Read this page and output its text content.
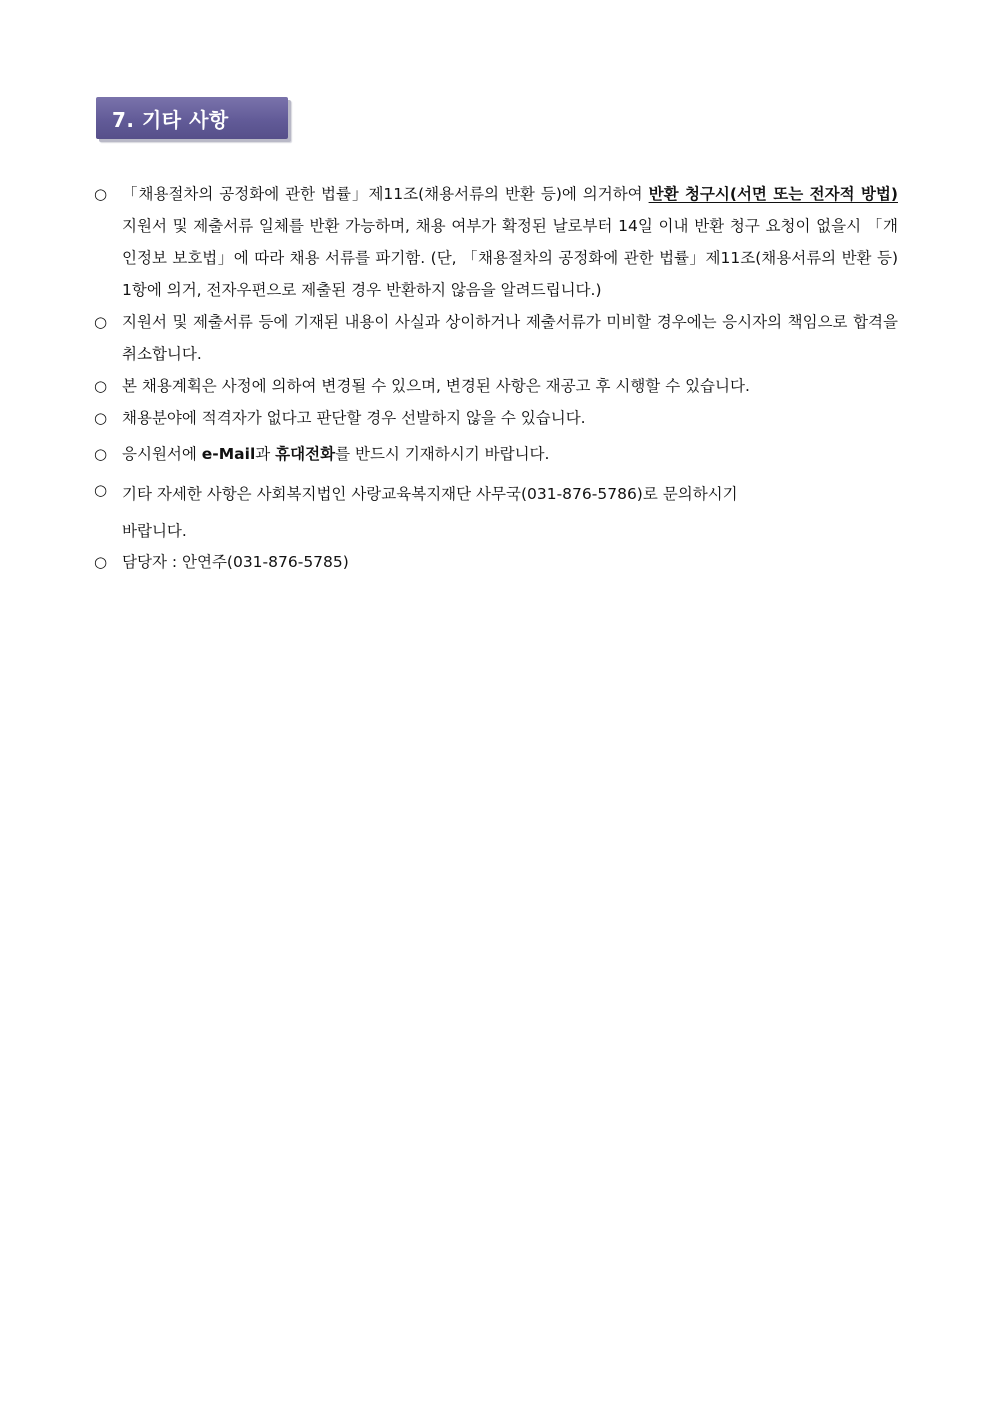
7. 기타 사항
○ 「채용절차의 공정화에 관한 법률」제11조(채용서류의 반환 등)에 의거하여 반환 청구시(서면 또는 전자적 방법) 지원서 및 제출서류 일체를 반환 가능하며, 채용 여부가 확정된 날로부터 14일 이내 반환 청구 요청이 없을시 「개인정보 보호법」에 따라 채용 서류를 파기함. (단, 「채용절차의 공정화에 관한 법률」제11조(채용서류의 반환 등) 1항에 의거, 전자우편으로 제출된 경우 반환하지 않음을 알려드립니다.)
○ 지원서 및 제출서류 등에 기재된 내용이 사실과 상이하거나 제출서류가 미비할 경우에는 응시자의 책임으로 합격을 취소합니다.
○ 본 채용계획은 사정에 의하여 변경될 수 있으며, 변경된 사항은 재공고 후 시행할 수 있습니다.
○ 채용분야에 적격자가 없다고 판단할 경우 선발하지 않을 수 있습니다.
○ 응시원서에 e-Mail과 휴대전화를 반드시 기재하시기 바랍니다.
○ 기타 자세한 사항은 사회복지법인 사랑교육복지재단 사무국(031-876-5786)로 문의하시기
바랍니다.
○ 담당자 : 안연주(031-876-5785)
